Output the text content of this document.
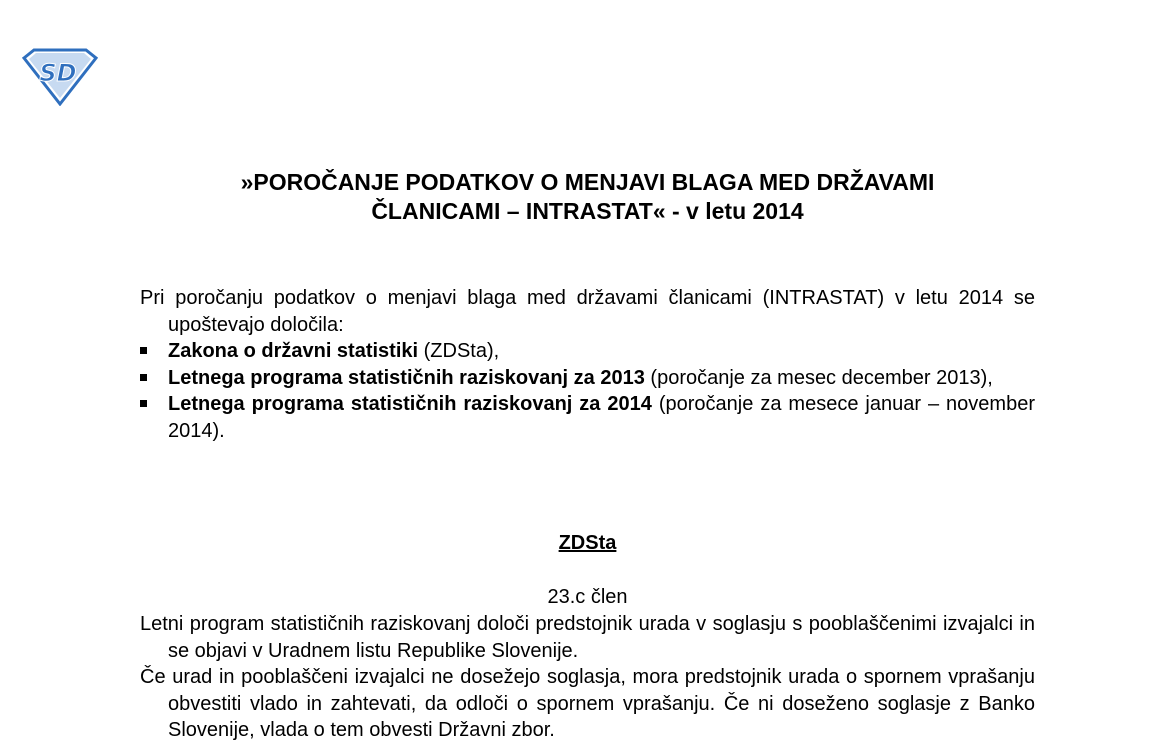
SD
»POROČANJE PODATKOV O MENJAVI BLAGA MED DRŽAVAMI
ČLANICAMI – INTRASTAT« - v letu 2014

Pri poročanju podatkov o menjavi blaga med državami članicami (INTRASTAT) v letu 2014 se upoštevajo določila:

Zakona o državni statistiki (ZDSta),
Letnega programa statističnih raziskovanj za 2013 (poročanje za mesec december 2013),
Letnega programa statističnih raziskovanj za 2014 (poročanje za mesece januar – november 2014).
ZDSta
23.c člen

Letni program statističnih raziskovanj določi predstojnik urada v soglasju s pooblaščenimi izvajalci in se objavi v Uradnem listu Republike Slovenije.

Če urad in pooblaščeni izvajalci ne dosežejo soglasja, mora predstojnik urada o spornem vprašanju obvestiti vlado in zahtevati, da odloči o spornem vprašanju. Če ni doseženo soglasje z Banko Slovenije, vlada o tem obvesti Državni zbor.
